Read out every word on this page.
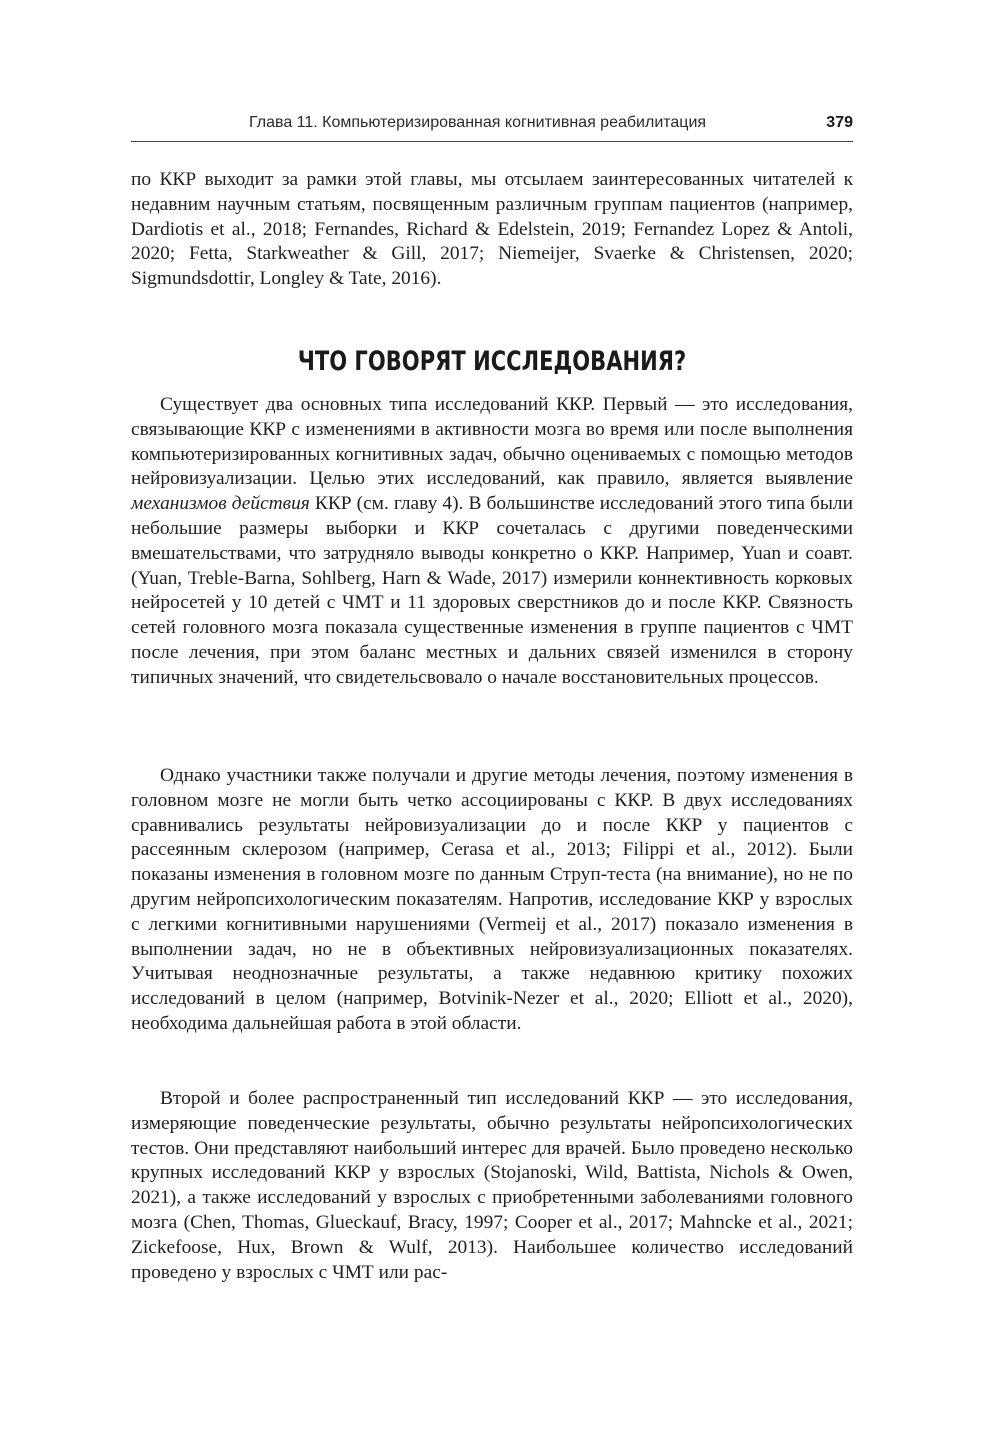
Глава 11. Компьютеризированная когнитивная реабилитация	379

по ККР выходит за рамки этой главы, мы отсылаем заинтересованных читателей к недавним научным статьям, посвященным различным группам пациентов (например, Dardiotis et al., 2018; Fernandes, Richard & Edelstein, 2019; Fernandez Lopez & Antoli, 2020; Fetta, Starkweather & Gill, 2017; Niemeijer, Svaerke & Christensen, 2020; Sigmundsdottir, Longley & Tate, 2016).

ЧТО ГОВОРЯТ ИССЛЕДОВАНИЯ?

Существует два основных типа исследований ККР. Первый — это исследования, связывающие ККР с изменениями в активности мозга во время или после выполнения компьютеризированных когнитивных задач, обычно оцениваемых с помощью методов нейровизуализации. Целью этих исследований, как правило, является выявление механизмов действия ККР (см. главу 4). В большинстве исследований этого типа были небольшие размеры выборки и ККР сочеталась с другими поведенческими вмешательствами, что затрудняло выводы конкретно о ККР. Например, Yuan и соавт. (Yuan, Treble-Barna, Sohlberg, Harn & Wade, 2017) измерили коннективность корковых нейросетей у 10 детей с ЧМТ и 11 здоровых сверстников до и после ККР. Связность сетей головного мозга показала существенные изменения в группе пациентов с ЧМТ после лечения, при этом баланс местных и дальних связей изменился в сторону типичных значений, что свидетельсвовало о начале восстановительных процессов.

Однако участники также получали и другие методы лечения, поэтому изменения в головном мозге не могли быть четко ассоциированы с ККР. В двух исследованиях сравнивались результаты нейровизуализации до и после ККР у пациентов с рассеянным склерозом (например, Cerasa et al., 2013; Filippi et al., 2012). Были показаны изменения в головном мозге по данным Струп-теста (на внимание), но не по другим нейропсихологическим показателям. Напротив, исследование ККР у взрослых с легкими когнитивными нарушениями (Vermeij et al., 2017) показало изменения в выполнении задач, но не в объективных нейровизуализационных показателях. Учитывая неоднозначные результаты, а также недавнюю критику похожих исследований в целом (например, Botvinik-Nezer et al., 2020; Elliott et al., 2020), необходима дальнейшая работа в этой области.

Второй и более распространенный тип исследований ККР — это исследования, измеряющие поведенческие результаты, обычно результаты нейропсихологических тестов. Они представляют наибольший интерес для врачей. Было проведено несколько крупных исследований ККР у взрослых (Stojanoski, Wild, Battista, Nichols & Owen, 2021), а также исследований у взрослых с приобретенными заболеваниями головного мозга (Chen, Thomas, Glueckauf, Bracy, 1997; Cooper et al., 2017; Mahncke et al., 2021; Zickefoose, Hux, Brown & Wulf, 2013). Наибольшее количество исследований проведено у взрослых с ЧМТ или рас-
